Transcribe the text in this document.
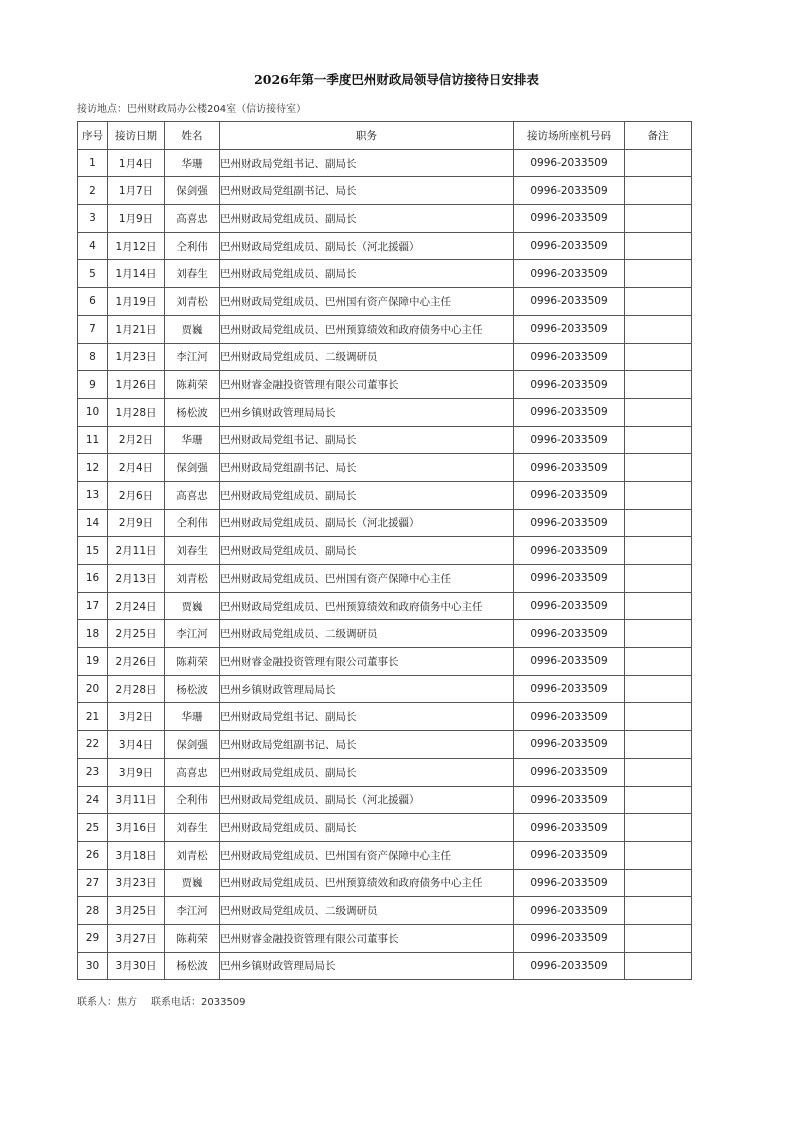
2026年第一季度巴州财政局领导信访接待日安排表
接访地点：巴州财政局办公楼204室（信访接待室）
序号	接访日期	姓名	职务	接访场所座机号码	备注
1	1月4日	华珊	巴州财政局党组书记、副局长	0996-2033509	
2	1月7日	保剑强	巴州财政局党组副书记、局长	0996-2033509	
3	1月9日	高喜忠	巴州财政局党组成员、副局长	0996-2033509	
4	1月12日	仝利伟	巴州财政局党组成员、副局长（河北援疆）	0996-2033509	
5	1月14日	刘春生	巴州财政局党组成员、副局长	0996-2033509	
6	1月19日	刘青松	巴州财政局党组成员、巴州国有资产保障中心主任	0996-2033509	
7	1月21日	贾巍	巴州财政局党组成员、巴州预算绩效和政府债务中心主任	0996-2033509	
8	1月23日	李江河	巴州财政局党组成员、二级调研员	0996-2033509	
9	1月26日	陈莉荣	巴州财睿金融投资管理有限公司董事长	0996-2033509	
10	1月28日	杨松波	巴州乡镇财政管理局局长	0996-2033509	
11	2月2日	华珊	巴州财政局党组书记、副局长	0996-2033509	
12	2月4日	保剑强	巴州财政局党组副书记、局长	0996-2033509	
13	2月6日	高喜忠	巴州财政局党组成员、副局长	0996-2033509	
14	2月9日	仝利伟	巴州财政局党组成员、副局长（河北援疆）	0996-2033509	
15	2月11日	刘春生	巴州财政局党组成员、副局长	0996-2033509	
16	2月13日	刘青松	巴州财政局党组成员、巴州国有资产保障中心主任	0996-2033509	
17	2月24日	贾巍	巴州财政局党组成员、巴州预算绩效和政府债务中心主任	0996-2033509	
18	2月25日	李江河	巴州财政局党组成员、二级调研员	0996-2033509	
19	2月26日	陈莉荣	巴州财睿金融投资管理有限公司董事长	0996-2033509	
20	2月28日	杨松波	巴州乡镇财政管理局局长	0996-2033509	
21	3月2日	华珊	巴州财政局党组书记、副局长	0996-2033509	
22	3月4日	保剑强	巴州财政局党组副书记、局长	0996-2033509	
23	3月9日	高喜忠	巴州财政局党组成员、副局长	0996-2033509	
24	3月11日	仝利伟	巴州财政局党组成员、副局长（河北援疆）	0996-2033509	
25	3月16日	刘春生	巴州财政局党组成员、副局长	0996-2033509	
26	3月18日	刘青松	巴州财政局党组成员、巴州国有资产保障中心主任	0996-2033509	
27	3月23日	贾巍	巴州财政局党组成员、巴州预算绩效和政府债务中心主任	0996-2033509	
28	3月25日	李江河	巴州财政局党组成员、二级调研员	0996-2033509	
29	3月27日	陈莉荣	巴州财睿金融投资管理有限公司董事长	0996-2033509	
30	3月30日	杨松波	巴州乡镇财政管理局局长	0996-2033509	
联系人：焦方 联系电话：2033509
